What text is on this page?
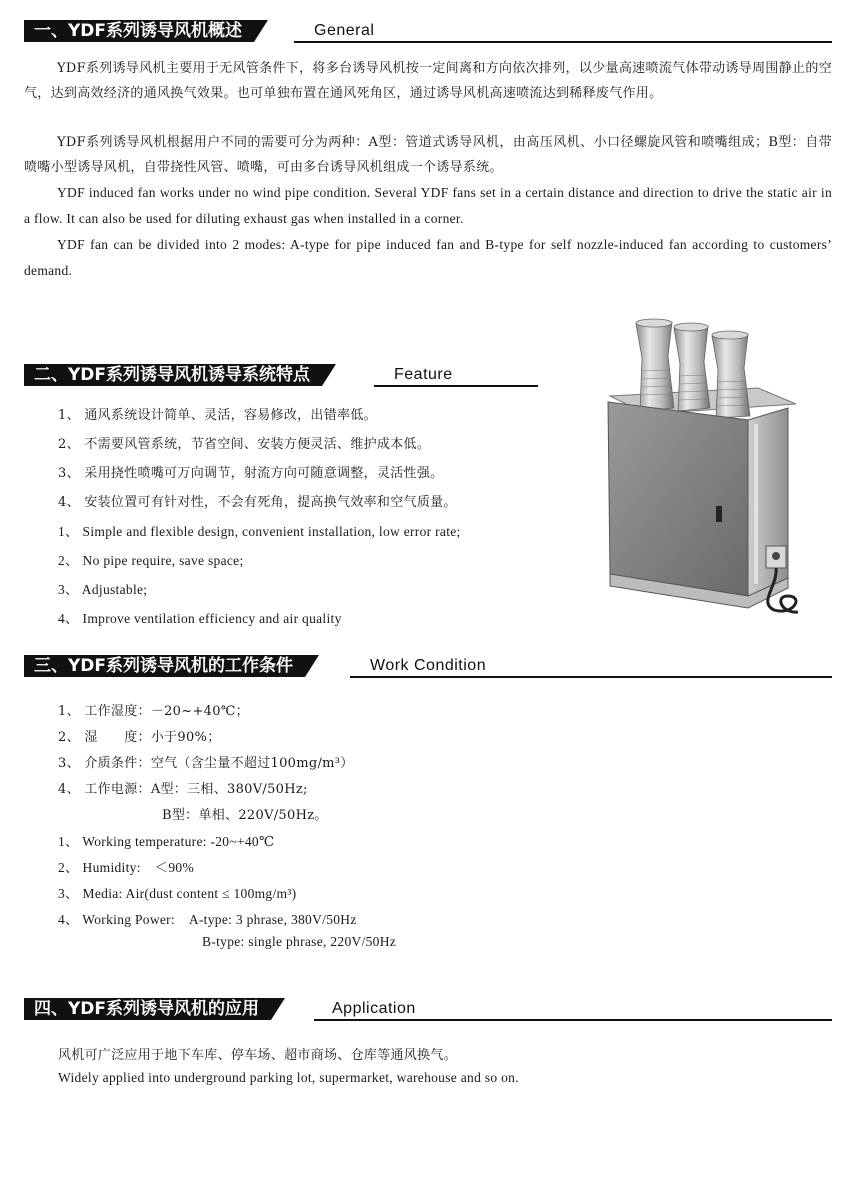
一、YDF系列诱导风机概述	General

YDF系列诱导风机主要用于无风管条件下，将多台诱导风机按一定间离和方向依次排列，以少量高速喷流气体带动诱导周围静止的空气，达到高效经济的通风换气效果。也可单独布置在通风死角区，通过诱导风机高速喷流达到稀释废气作用。

YDF系列诱导风机根据用户不同的需要可分为两种：A型：管道式诱导风机，由高压风机、小口径螺旋风管和喷嘴组成；B型：自带喷嘴小型诱导风机，自带挠性风管、喷嘴，可由多台诱导风机组成一个诱导系统。

YDF induced fan works under no wind pipe condition. Several YDF fans set in a certain distance and direction to drive the static air in a flow. It can also be used for diluting exhaust gas when installed in a corner.

YDF fan can be divided into 2 modes: A-type for pipe induced fan and B-type for self nozzle-induced fan according to customers’ demand.

二、YDF系列诱导风机诱导系统特点	Feature
1、 通风系统设计简单、灵活，容易修改，出错率低。
2、 不需要风管系统，节省空间、安装方便灵活、维护成本低。
3、 采用挠性喷嘴可万向调节，射流方向可随意调整，灵活性强。
4、 安装位置可有针对性，不会有死角，提高换气效率和空气质量。
1、 Simple and flexible design, convenient installation, low error rate;
2、 No pipe require, save space;
3、 Adjustable;
4、 Improve ventilation efficiency and air quality
三、YDF系列诱导风机的工作条件	Work Condition
1、 工作湿度：－20~+40℃；
2、 湿　　度：小于90%；
3、 介质条件：空气（含尘量不超过100mg/m³）
4、 工作电源：A型：三相、380V/50Hz;
B型：单相、220V/50Hz。
1、 Working temperature: -20~+40℃
2、 Humidity:　＜90%
3、 Media: Air(dust content ≤ 100mg/m³)
4、 Working Power:　A-type: 3 phrase, 380V/50Hz
B-type: single phrase, 220V/50Hz
四、YDF系列诱导风机的应用	Application
风机可广泛应用于地下车库、停车场、超市商场、仓库等通风换气。
Widely applied into underground parking lot, supermarket, warehouse and so on.
